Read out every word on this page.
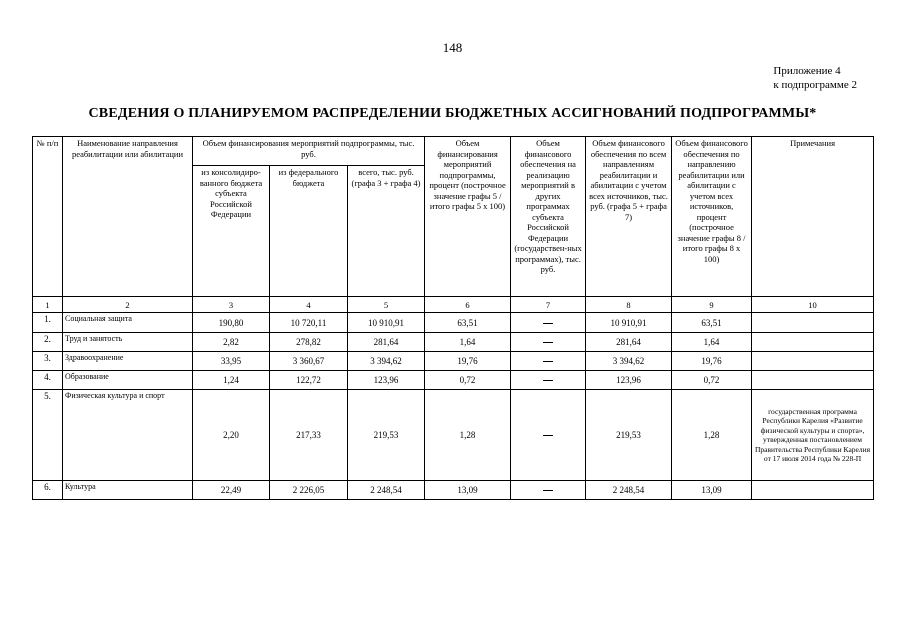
148
Приложение 4
к подпрограмме 2
СВЕДЕНИЯ О ПЛАНИРУЕМОМ РАСПРЕДЕЛЕНИИ БЮДЖЕТНЫХ АССИГНОВАНИЙ ПОДПРОГРАММЫ*
№ п/п	Наименование направления реабилитации или абилитации	Объем финансирования мероприятий подпрограммы, тыс. руб.			Объем финансирования мероприятий подпрограммы, процент (построчное значение графы 5 / итого графы 5 x 100)	Объем финансового обеспечения на реализацию мероприятий в других программах субъекта Российской Федерации (государствен-ных программах), тыс. руб.	Объем финансового обеспечения по всем направлениям реабилитации и абилитации с учетом всех источников, тыс. руб. (графа 5 + графа 7)	Объем финансового обеспечения по направлению реабилитации или абилитации с учетом всех источников, процент (построчное значение графы 8 / итого графы 8 x 100)	Примечания
		из консолидиро-ванного бюджета субъекта Российской Федерации	из федерального бюджета	всего, тыс. руб. (графа 3 + графа 4)					
1	2	3	4	5	6	7	8	9	10
1.	Социальная защита	190,80	10 720,11	10 910,91	63,51		10 910,91	63,51	
2.	Труд и занятость	2,82	278,82	281,64	1,64		281,64	1,64	
3.	Здравоохранение	33,95	3 360,67	3 394,62	19,76		3 394,62	19,76	
4.	Образование	1,24	122,72	123,96	0,72		123,96	0,72	
5.	Физическая культура и спорт	2,20	217,33	219,53	1,28		219,53	1,28	государственная программа Республики Карелия «Развитие физической культуры и спорта», утвержденная постановлением Правительства Республики Карелия от 17 июля 2014 года № 228-П
6.	Культура	22,49	2 226,05	2 248,54	13,09		2 248,54	13,09	
